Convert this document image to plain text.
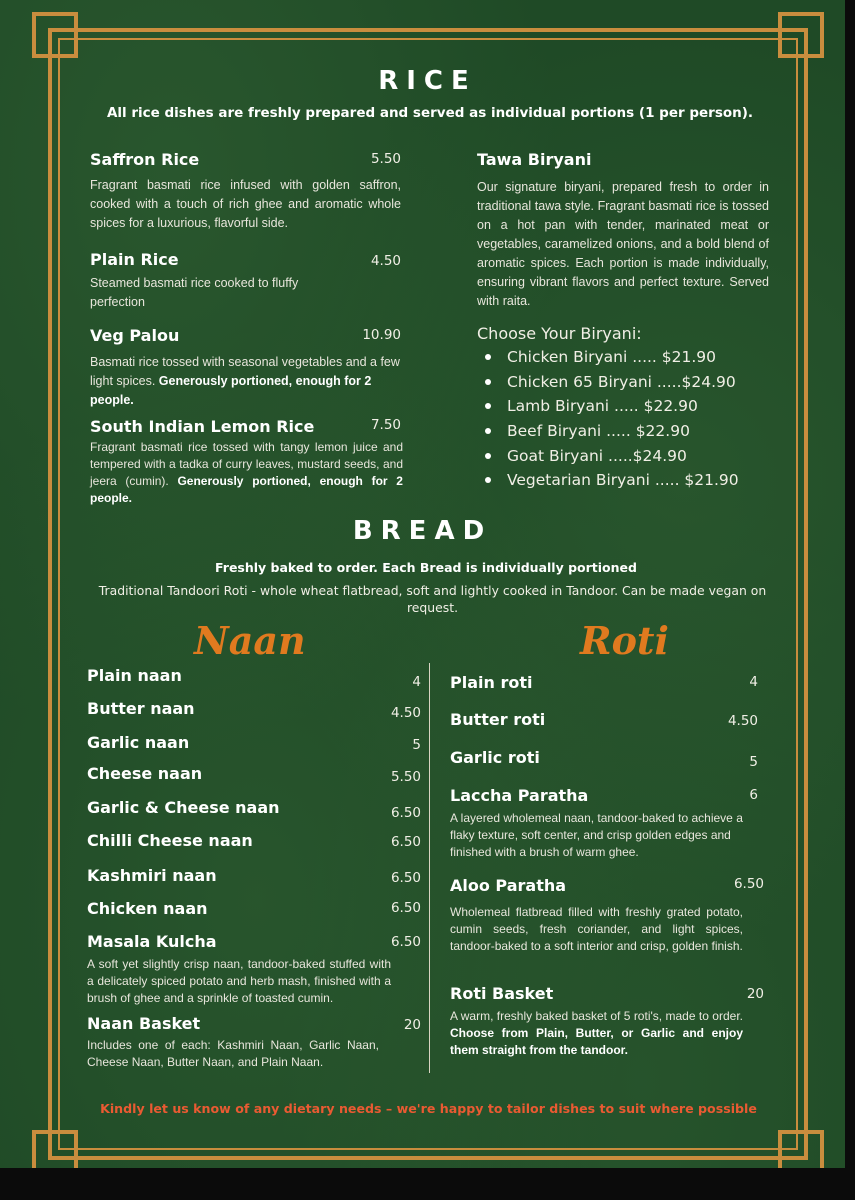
RICE
All rice dishes are freshly prepared and served as individual portions (1 per person).
Saffron Rice	5.50
Fragrant basmati rice infused with golden saffron, cooked with a touch of rich ghee and aromatic whole spices for a luxurious, flavorful side.
Plain Rice	4.50
Steamed basmati rice cooked to fluffy perfection
Veg Palou	10.90
Basmati rice tossed with seasonal vegetables and a few light spices. Generously portioned, enough for 2 people.
South Indian Lemon Rice	7.50
Fragrant basmati rice tossed with tangy lemon juice and tempered with a tadka of curry leaves, mustard seeds, and jeera (cumin). Generously portioned, enough for 2 people.
Tawa Biryani
Our signature biryani, prepared fresh to order in traditional tawa style. Fragrant basmati rice is tossed on a hot pan with tender, marinated meat or vegetables, caramelized onions, and a bold blend of aromatic spices. Each portion is made individually, ensuring vibrant flavors and perfect texture. Served with raita.
Choose Your Biryani:
Chicken Biryani ..... $21.90
Chicken 65 Biryani .....$24.90
Lamb Biryani ..... $22.90
Beef Biryani ..... $22.90
Goat Biryani .....$24.90
Vegetarian Biryani ..... $21.90
BREAD
Freshly baked to order. Each Bread is individually portioned
Traditional Tandoori Roti - whole wheat flatbread, soft and lightly cooked in Tandoor. Can be made vegan on request.
Naan	Roti
Plain naan	4
Butter naan	4.50
Garlic naan	5
Cheese naan	5.50
Garlic & Cheese naan	6.50
Chilli Cheese naan	6.50
Kashmiri naan	6.50
Chicken naan	6.50
Masala Kulcha	6.50
A soft yet slightly crisp naan, tandoor-baked stuffed with a delicately spiced potato and herb mash, finished with a brush of ghee and a sprinkle of toasted cumin.
Naan Basket	20
Includes one of each: Kashmiri Naan, Garlic Naan, Cheese Naan, Butter Naan, and Plain Naan.
Plain roti	4
Butter roti	4.50
Garlic roti	5
Laccha Paratha	6
A layered wholemeal naan, tandoor-baked to achieve a flaky texture, soft center, and crisp golden edges and finished with a brush of warm ghee.
Aloo Paratha	6.50
Wholemeal flatbread filled with freshly grated potato, cumin seeds, fresh coriander, and light spices, tandoor-baked to a soft interior and crisp, golden finish.
Roti Basket	20
A warm, freshly baked basket of 5 roti's, made to order. Choose from Plain, Butter, or Garlic and enjoy them straight from the tandoor.
Kindly let us know of any dietary needs – we're happy to tailor dishes to suit where possible
